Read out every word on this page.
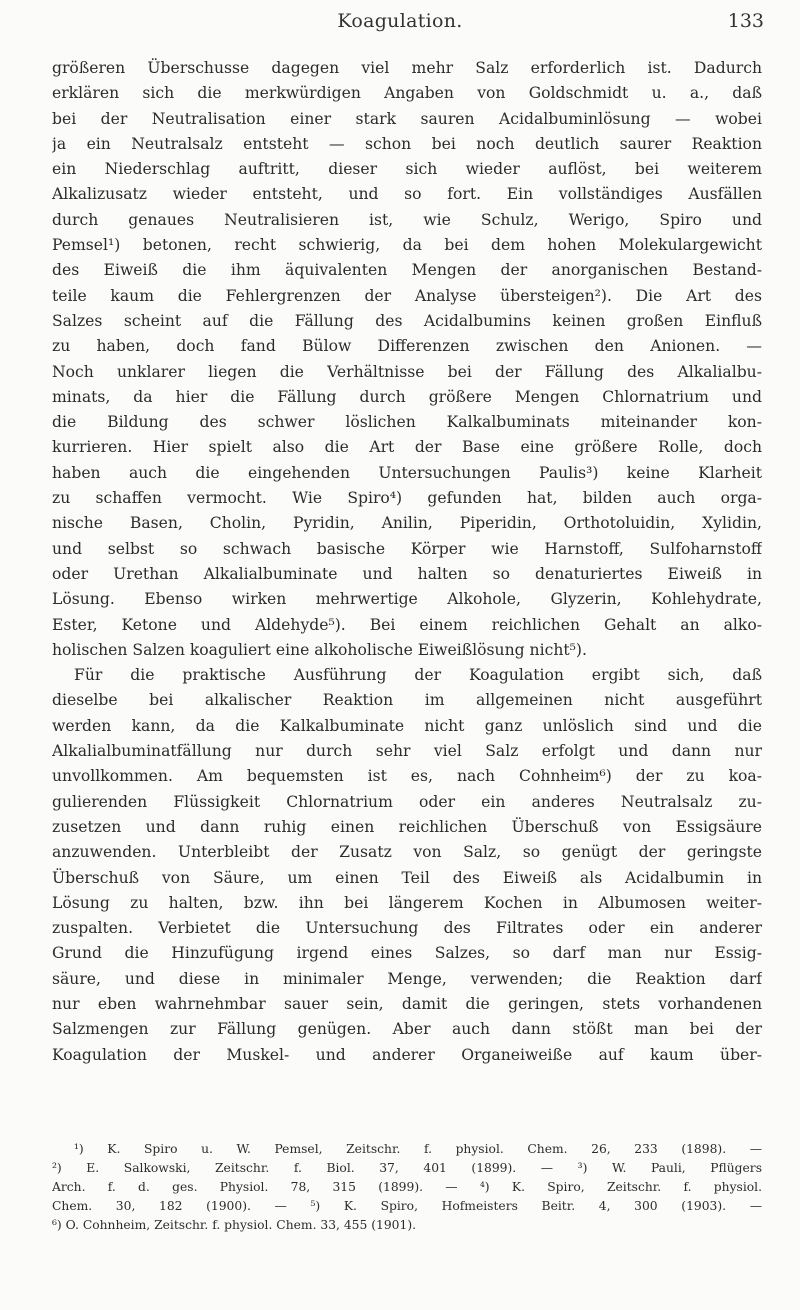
Koagulation.	133
größeren Überschusse dagegen viel mehr Salz erforderlich ist. Dadurch
erklären sich die merkwürdigen Angaben von Goldschmidt u. a., daß
bei der Neutralisation einer stark sauren Acidalbuminlösung — wobei
ja ein Neutralsalz entsteht — schon bei noch deutlich saurer Reaktion
ein Niederschlag auftritt, dieser sich wieder auflöst, bei weiterem
Alkalizusatz wieder entsteht, und so fort. Ein vollständiges Ausfällen
durch genaues Neutralisieren ist, wie Schulz, Werigo, Spiro und
Pemsel¹) betonen, recht schwierig, da bei dem hohen Molekulargewicht
des Eiweiß die ihm äquivalenten Mengen der anorganischen Bestand-
teile kaum die Fehlergrenzen der Analyse übersteigen²). Die Art des
Salzes scheint auf die Fällung des Acidalbumins keinen großen Einfluß
zu haben, doch fand Bülow Differenzen zwischen den Anionen. —
Noch unklarer liegen die Verhältnisse bei der Fällung des Alkalialbu-
minats, da hier die Fällung durch größere Mengen Chlornatrium und
die Bildung des schwer löslichen Kalkalbuminats miteinander kon-
kurrieren. Hier spielt also die Art der Base eine größere Rolle, doch
haben auch die eingehenden Untersuchungen Paulis³) keine Klarheit
zu schaffen vermocht. Wie Spiro⁴) gefunden hat, bilden auch orga-
nische Basen, Cholin, Pyridin, Anilin, Piperidin, Orthotoluidin, Xylidin,
und selbst so schwach basische Körper wie Harnstoff, Sulfoharnstoff
oder Urethan Alkalialbuminate und halten so denaturiertes Eiweiß in
Lösung. Ebenso wirken mehrwertige Alkohole, Glyzerin, Kohlehydrate,
Ester, Ketone und Aldehyde⁵). Bei einem reichlichen Gehalt an alko-
holischen Salzen koaguliert eine alkoholische Eiweißlösung nicht⁵).
Für die praktische Ausführung der Koagulation ergibt sich, daß
dieselbe bei alkalischer Reaktion im allgemeinen nicht ausgeführt
werden kann, da die Kalkalbuminate nicht ganz unlöslich sind und die
Alkalialbuminatfällung nur durch sehr viel Salz erfolgt und dann nur
unvollkommen. Am bequemsten ist es, nach Cohnheim⁶) der zu koa-
gulierenden Flüssigkeit Chlornatrium oder ein anderes Neutralsalz zu-
zusetzen und dann ruhig einen reichlichen Überschuß von Essigsäure
anzuwenden. Unterbleibt der Zusatz von Salz, so genügt der geringste
Überschuß von Säure, um einen Teil des Eiweiß als Acidalbumin in
Lösung zu halten, bzw. ihn bei längerem Kochen in Albumosen weiter-
zuspalten. Verbietet die Untersuchung des Filtrates oder ein anderer
Grund die Hinzufügung irgend eines Salzes, so darf man nur Essig-
säure, und diese in minimaler Menge, verwenden; die Reaktion darf
nur eben wahrnehmbar sauer sein, damit die geringen, stets vorhandenen
Salzmengen zur Fällung genügen. Aber auch dann stößt man bei der
Koagulation der Muskel- und anderer Organeiweiße auf kaum über-
¹) K. Spiro u. W. Pemsel, Zeitschr. f. physiol. Chem. 26, 233 (1898). —
²) E. Salkowski, Zeitschr. f. Biol. 37, 401 (1899). — ³) W. Pauli, Pflügers
Arch. f. d. ges. Physiol. 78, 315 (1899). — ⁴) K. Spiro, Zeitschr. f. physiol.
Chem. 30, 182 (1900). — ⁵) K. Spiro, Hofmeisters Beitr. 4, 300 (1903). —
⁶) O. Cohnheim, Zeitschr. f. physiol. Chem. 33, 455 (1901).
